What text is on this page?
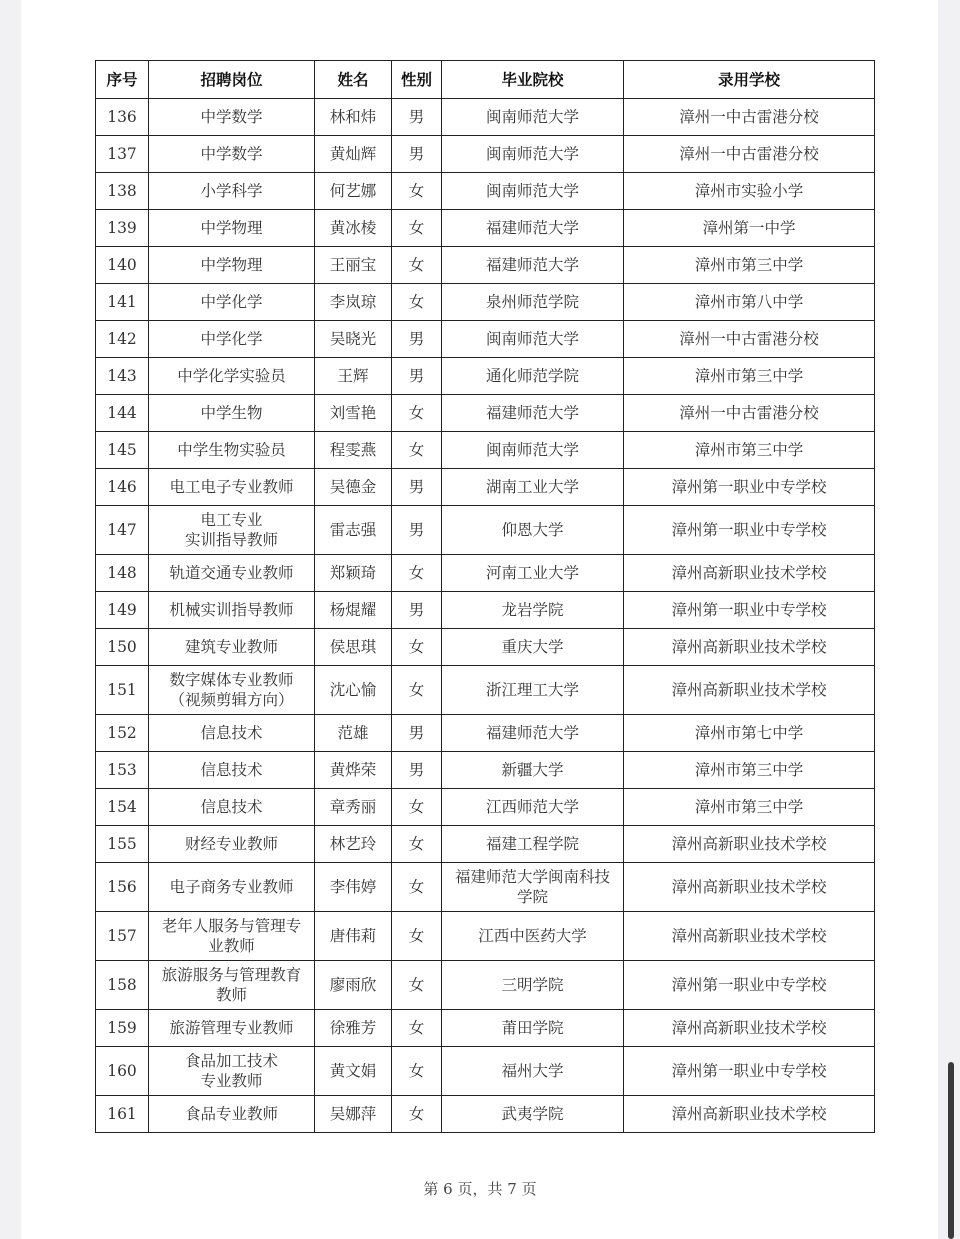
序号	招聘岗位	姓名	性别	毕业院校	录用学校
136	中学数学	林和炜	男	闽南师范大学	漳州一中古雷港分校
137	中学数学	黄灿辉	男	闽南师范大学	漳州一中古雷港分校
138	小学科学	何艺娜	女	闽南师范大学	漳州市实验小学
139	中学物理	黄冰棱	女	福建师范大学	漳州第一中学
140	中学物理	王丽宝	女	福建师范大学	漳州市第三中学
141	中学化学	李岚琼	女	泉州师范学院	漳州市第八中学
142	中学化学	吴晓光	男	闽南师范大学	漳州一中古雷港分校
143	中学化学实验员	王辉	男	通化师范学院	漳州市第三中学
144	中学生物	刘雪艳	女	福建师范大学	漳州一中古雷港分校
145	中学生物实验员	程雯燕	女	闽南师范大学	漳州市第三中学
146	电工电子专业教师	吴德金	男	湖南工业大学	漳州第一职业中专学校
147	电工专业
实训指导教师	雷志强	男	仰恩大学	漳州第一职业中专学校
148	轨道交通专业教师	郑颖琦	女	河南工业大学	漳州高新职业技术学校
149	机械实训指导教师	杨焜耀	男	龙岩学院	漳州第一职业中专学校
150	建筑专业教师	侯思琪	女	重庆大学	漳州高新职业技术学校
151	数字媒体专业教师
（视频剪辑方向）	沈心愉	女	浙江理工大学	漳州高新职业技术学校
152	信息技术	范雄	男	福建师范大学	漳州市第七中学
153	信息技术	黄烨荣	男	新疆大学	漳州市第三中学
154	信息技术	章秀丽	女	江西师范大学	漳州市第三中学
155	财经专业教师	林艺玲	女	福建工程学院	漳州高新职业技术学校
156	电子商务专业教师	李伟婷	女	福建师范大学闽南科技
学院	漳州高新职业技术学校
157	老年人服务与管理专
业教师	唐伟莉	女	江西中医药大学	漳州高新职业技术学校
158	旅游服务与管理教育
教师	廖雨欣	女	三明学院	漳州第一职业中专学校
159	旅游管理专业教师	徐雅芳	女	莆田学院	漳州高新职业技术学校
160	食品加工技术
专业教师	黄文娟	女	福州大学	漳州第一职业中专学校
161	食品专业教师	吴娜萍	女	武夷学院	漳州高新职业技术学校
第 6 页，共 7 页
